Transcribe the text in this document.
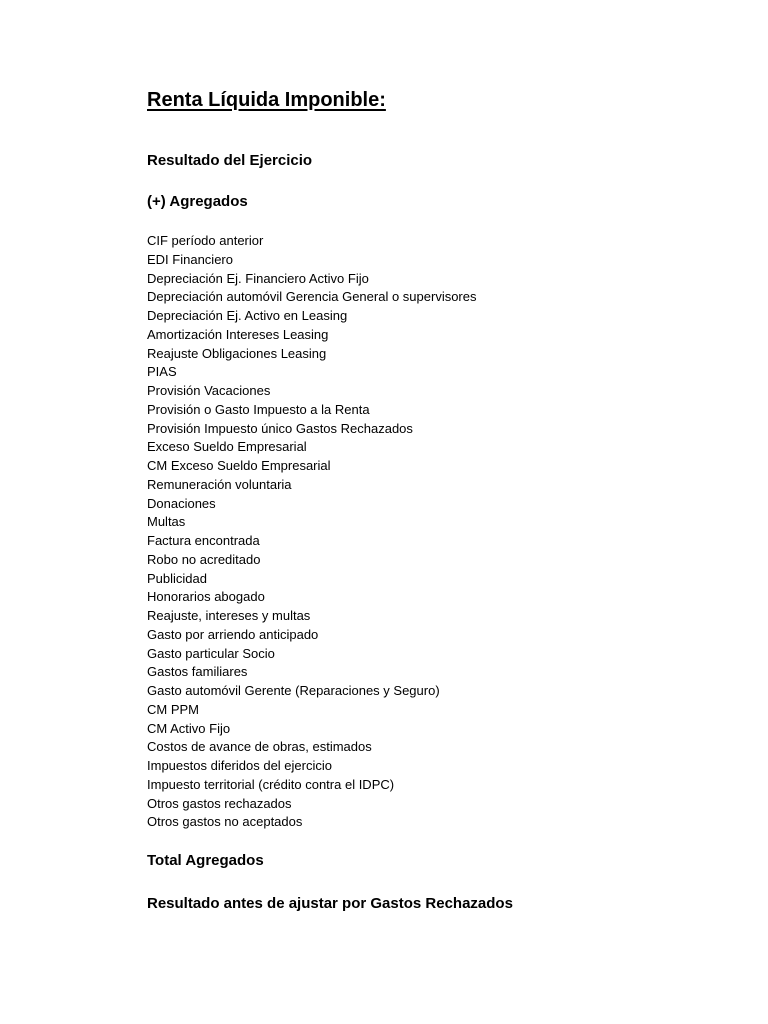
Renta Líquida Imponible:

Resultado del Ejercicio

(+) Agregados

CIF período anterior
EDI Financiero
Depreciación Ej. Financiero Activo Fijo
Depreciación automóvil Gerencia General o supervisores
Depreciación Ej. Activo en Leasing
Amortización Intereses Leasing
Reajuste Obligaciones Leasing
PIAS
Provisión Vacaciones
Provisión o Gasto Impuesto a la Renta
Provisión Impuesto único Gastos Rechazados
Exceso Sueldo Empresarial
CM Exceso Sueldo Empresarial
Remuneración voluntaria
Donaciones
Multas
Factura encontrada
Robo no acreditado
Publicidad
Honorarios abogado
Reajuste, intereses y multas
Gasto por arriendo anticipado
Gasto particular Socio
Gastos familiares
Gasto automóvil Gerente (Reparaciones y Seguro)
CM PPM
CM Activo Fijo
Costos de avance de obras, estimados
Impuestos diferidos del ejercicio
Impuesto territorial (crédito contra el IDPC)
Otros gastos rechazados
Otros gastos no aceptados

Total Agregados

Resultado antes de ajustar por Gastos Rechazados
